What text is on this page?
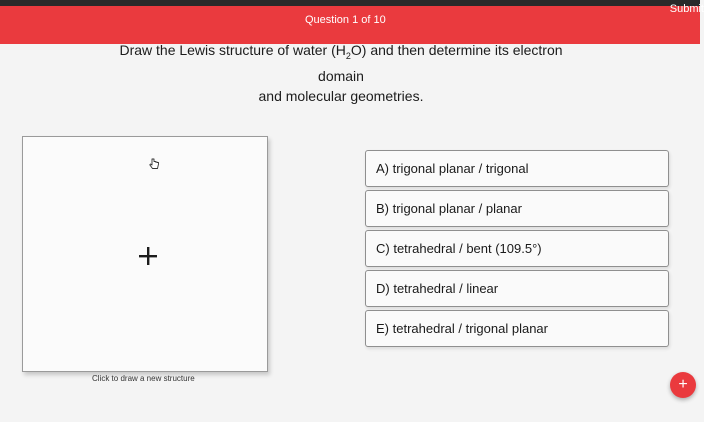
Question 1 of 10
Submit
Draw the Lewis structure of water $(H_2O)$ and then determine its electron domain
and molecular geometries.
Click to draw a new structure
A) trigonal planar / trigonal
B) trigonal planar / planar
C) tetrahedral / bent (109.5°)
D) tetrahedral / linear
E) tetrahedral / trigonal planar
+
